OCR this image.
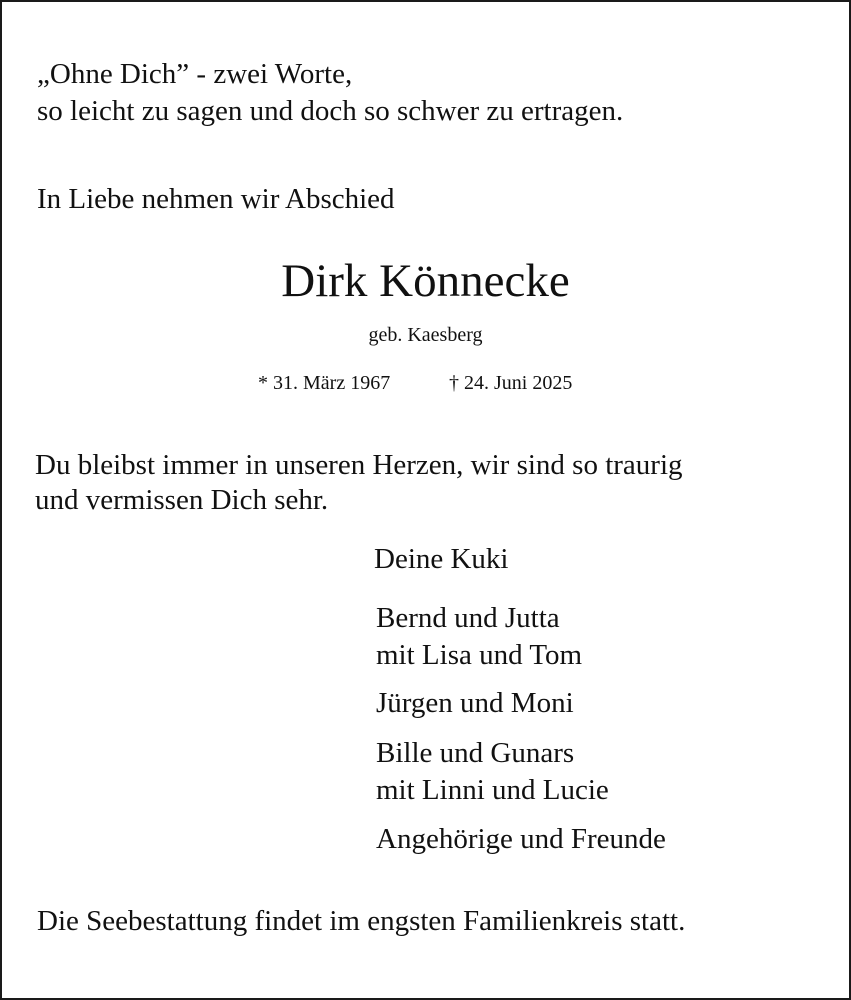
„Ohne Dich” - zwei Worte,
so leicht zu sagen und doch so schwer zu ertragen.
In Liebe nehmen wir Abschied
Dirk Könnecke
geb. Kaesberg
* 31. März 1967	† 24. Juni 2025
Du bleibst immer in unseren Herzen, wir sind so traurig
und vermissen Dich sehr.
Deine Kuki
Bernd und Jutta
mit Lisa und Tom
Jürgen und Moni
Bille und Gunars
mit Linni und Lucie
Angehörige und Freunde
Die Seebestattung findet im engsten Familienkreis statt.
